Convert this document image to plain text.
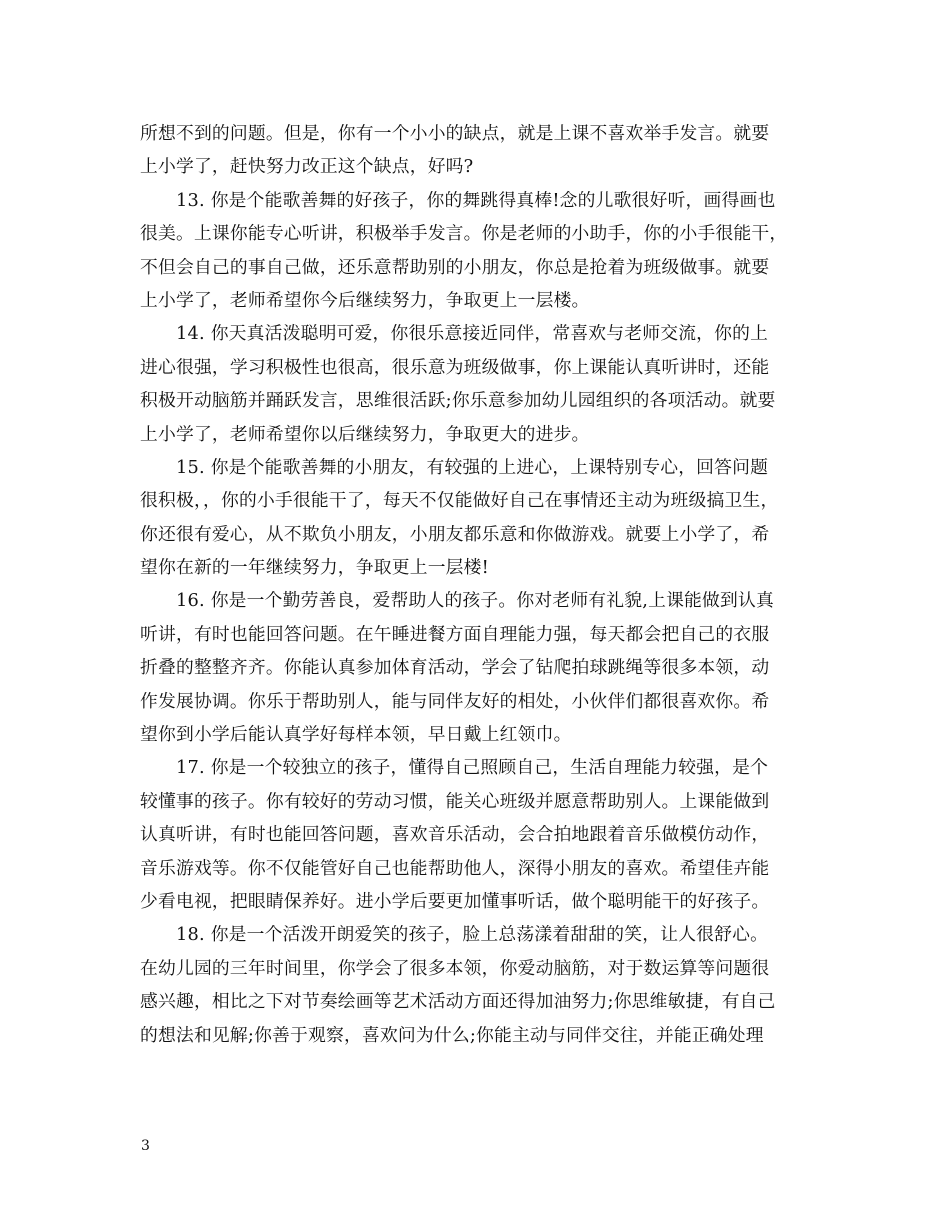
所想不到的问题。但是，你有一个小小的缺点，就是上课不喜欢举手发言。就要
上小学了，赶快努力改正这个缺点，好吗?
　　13. 你是个能歌善舞的好孩子，你的舞跳得真棒!念的儿歌很好听，画得画也
很美。上课你能专心听讲，积极举手发言。你是老师的小助手，你的小手很能干，
不但会自己的事自己做，还乐意帮助别的小朋友，你总是抢着为班级做事。就要
上小学了，老师希望你今后继续努力，争取更上一层楼。
　　14. 你天真活泼聪明可爱，你很乐意接近同伴，常喜欢与老师交流，你的上
进心很强，学习积极性也很高，很乐意为班级做事，你上课能认真听讲时，还能
积极开动脑筋并踊跃发言，思维很活跃;你乐意参加幼儿园组织的各项活动。就要
上小学了，老师希望你以后继续努力，争取更大的进步。
　　15. 你是个能歌善舞的小朋友，有较强的上进心，上课特别专心，回答问题
很积极，，你的小手很能干了，每天不仅能做好自己在事情还主动为班级搞卫生，
你还很有爱心，从不欺负小朋友，小朋友都乐意和你做游戏。就要上小学了，希
望你在新的一年继续努力，争取更上一层楼!
　　16. 你是一个勤劳善良，爱帮助人的孩子。你对老师有礼貌,上课能做到认真
听讲，有时也能回答问题。在午睡进餐方面自理能力强，每天都会把自己的衣服
折叠的整整齐齐。你能认真参加体育活动，学会了钻爬拍球跳绳等很多本领，动
作发展协调。你乐于帮助别人，能与同伴友好的相处，小伙伴们都很喜欢你。希
望你到小学后能认真学好每样本领，早日戴上红领巾。
　　17. 你是一个较独立的孩子，懂得自己照顾自己，生活自理能力较强，是个
较懂事的孩子。你有较好的劳动习惯，能关心班级并愿意帮助别人。上课能做到
认真听讲，有时也能回答问题，喜欢音乐活动，会合拍地跟着音乐做模仿动作，
音乐游戏等。你不仅能管好自己也能帮助他人，深得小朋友的喜欢。希望佳卉能
少看电视，把眼睛保养好。进小学后要更加懂事听话，做个聪明能干的好孩子。
　　18. 你是一个活泼开朗爱笑的孩子，脸上总荡漾着甜甜的笑，让人很舒心。
在幼儿园的三年时间里，你学会了很多本领，你爱动脑筋，对于数运算等问题很
感兴趣，相比之下对节奏绘画等艺术活动方面还得加油努力;你思维敏捷，有自己
的想法和见解;你善于观察，喜欢问为什么;你能主动与同伴交往，并能正确处理
3
